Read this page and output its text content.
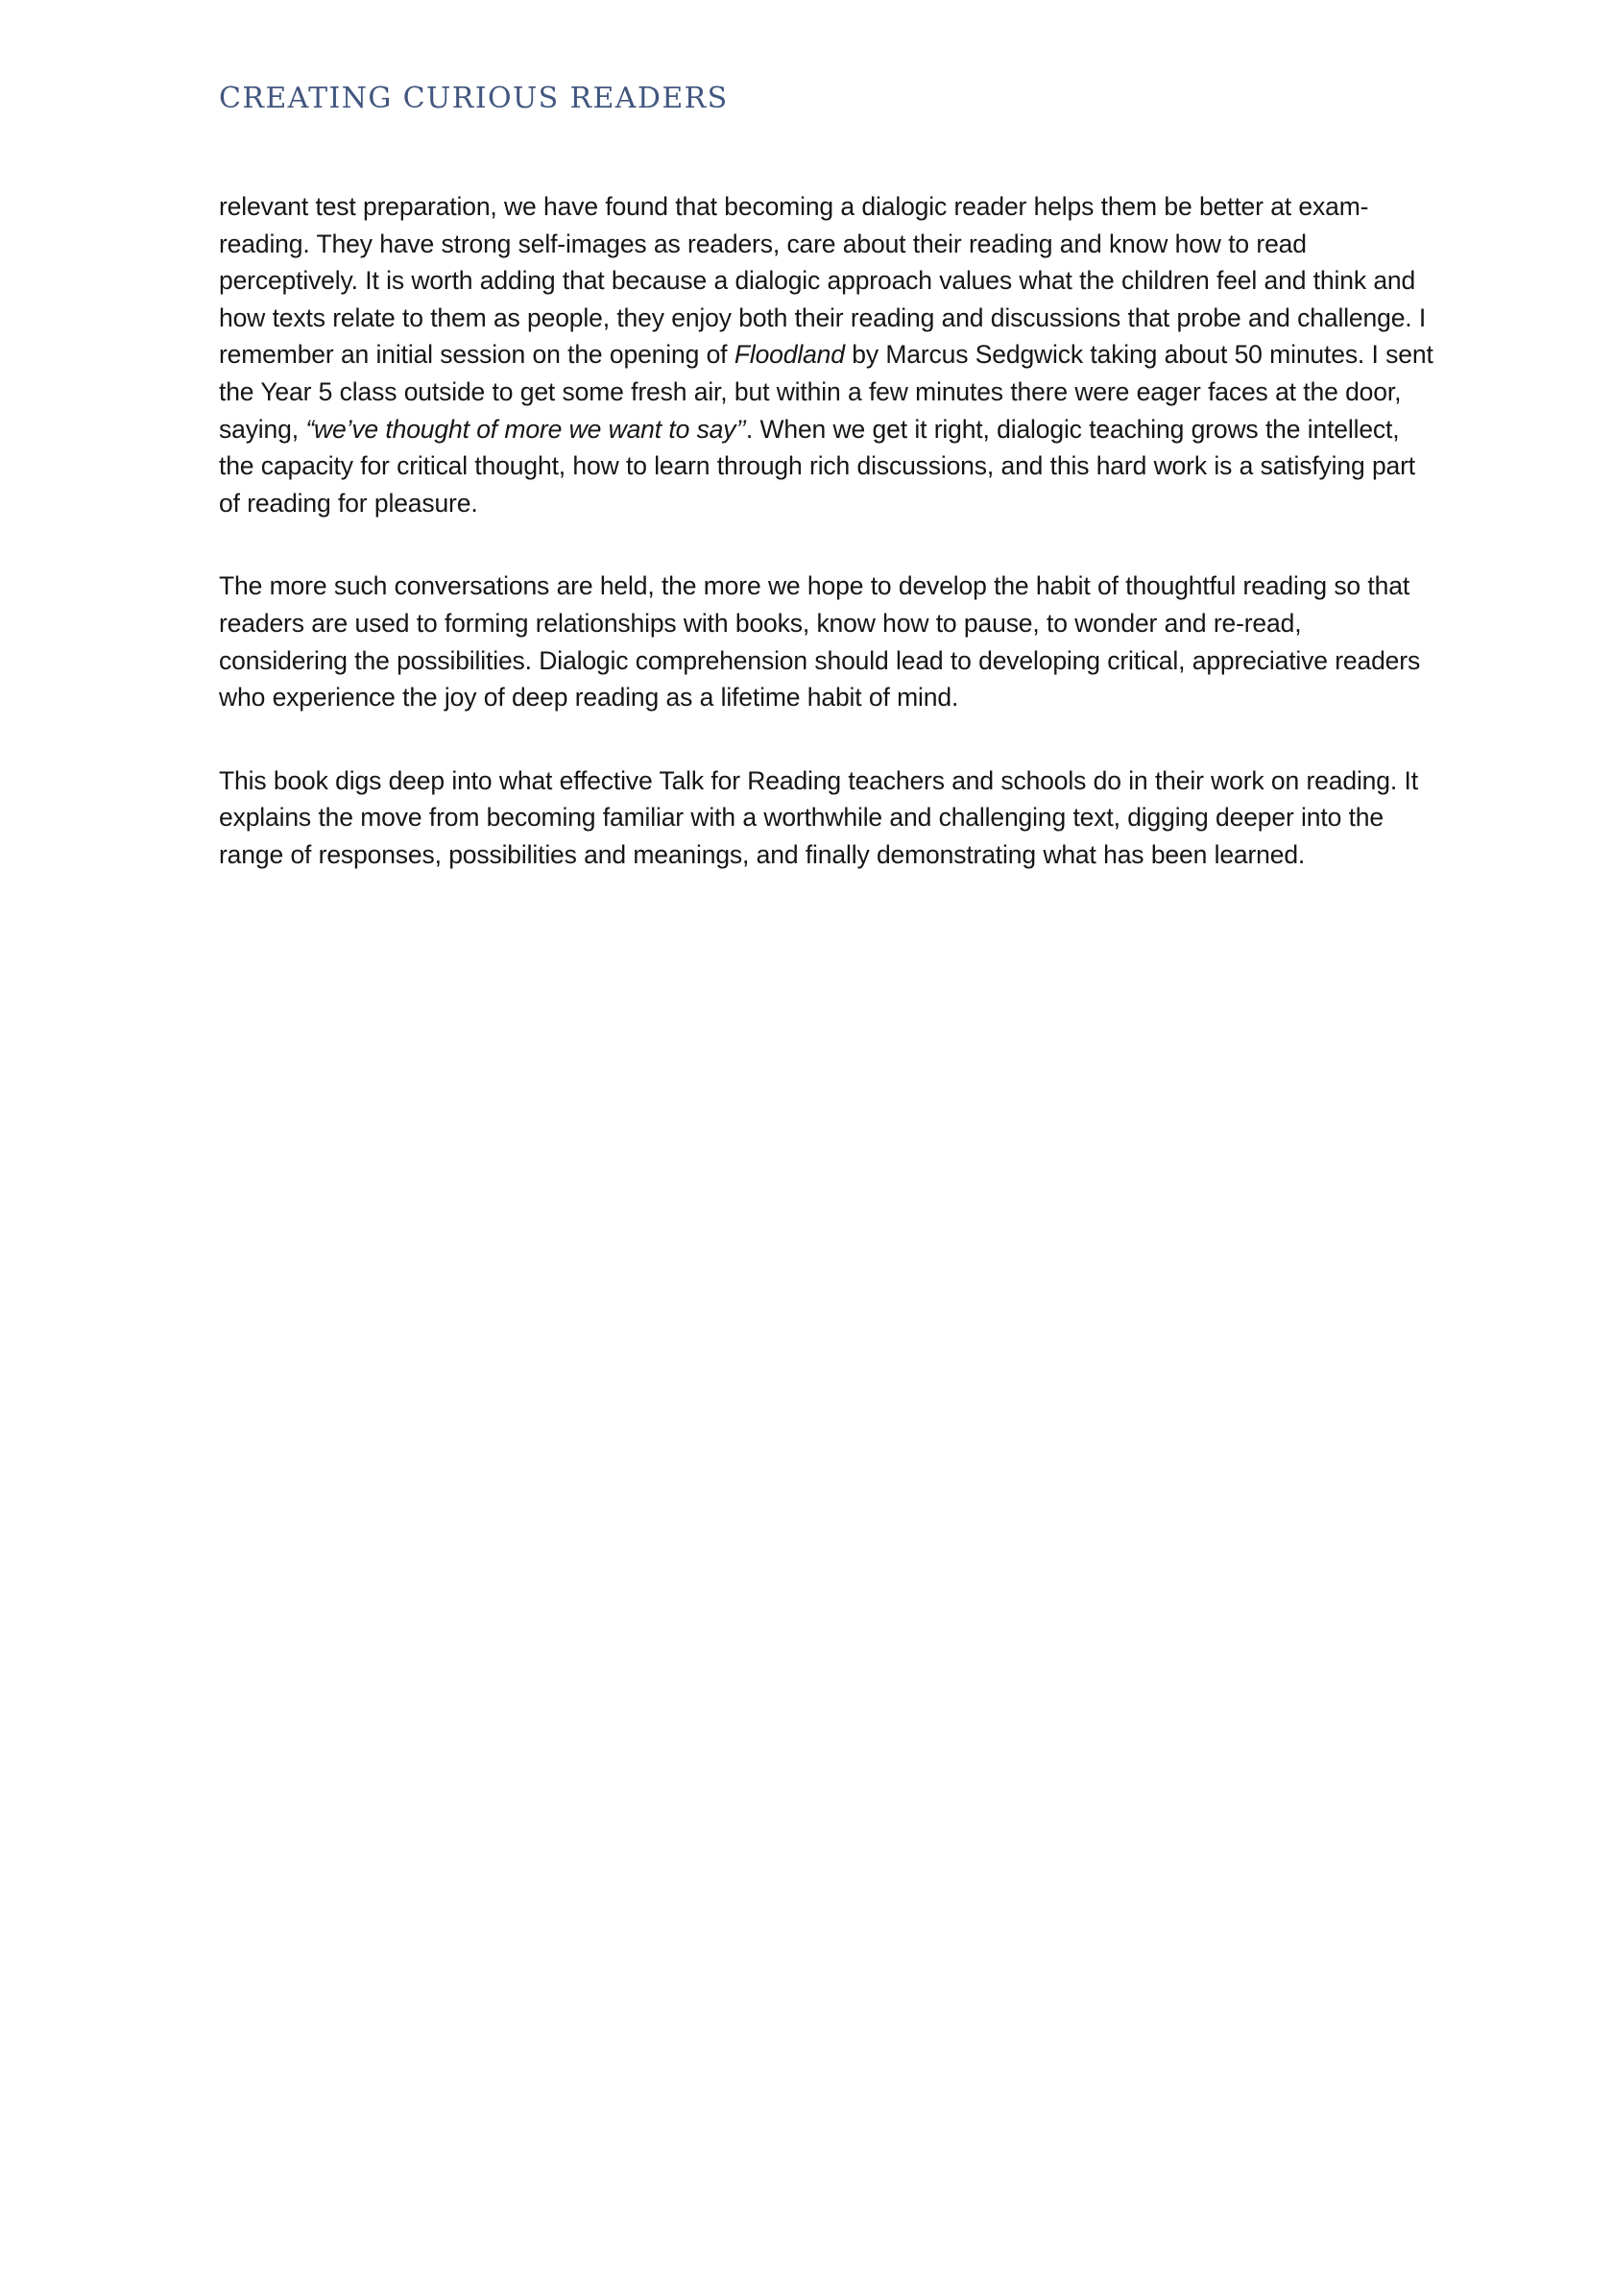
CREATING CURIOUS READERS

relevant test preparation, we have found that becoming a dialogic reader helps them be better at exam-reading. They have strong self-images as readers, care about their reading and know how to read perceptively. It is worth adding that because a dialogic approach values what the children feel and think and how texts relate to them as people, they enjoy both their reading and discussions that probe and challenge. I remember an initial session on the opening of Floodland by Marcus Sedgwick taking about 50 minutes. I sent the Year 5 class outside to get some fresh air, but within a few minutes there were eager faces at the door, saying, “we’ve thought of more we want to say’’. When we get it right, dialogic teaching grows the intellect, the capacity for critical thought, how to learn through rich discussions, and this hard work is a satisfying part of reading for pleasure.

The more such conversations are held, the more we hope to develop the habit of thoughtful reading so that readers are used to forming relationships with books, know how to pause, to wonder and re-read, considering the possibilities. Dialogic comprehension should lead to developing critical, appreciative readers who experience the joy of deep reading as a lifetime habit of mind.

This book digs deep into what effective Talk for Reading teachers and schools do in their work on reading. It explains the move from becoming familiar with a worthwhile and challenging text, digging deeper into the range of responses, possibilities and meanings, and finally demonstrating what has been learned.
